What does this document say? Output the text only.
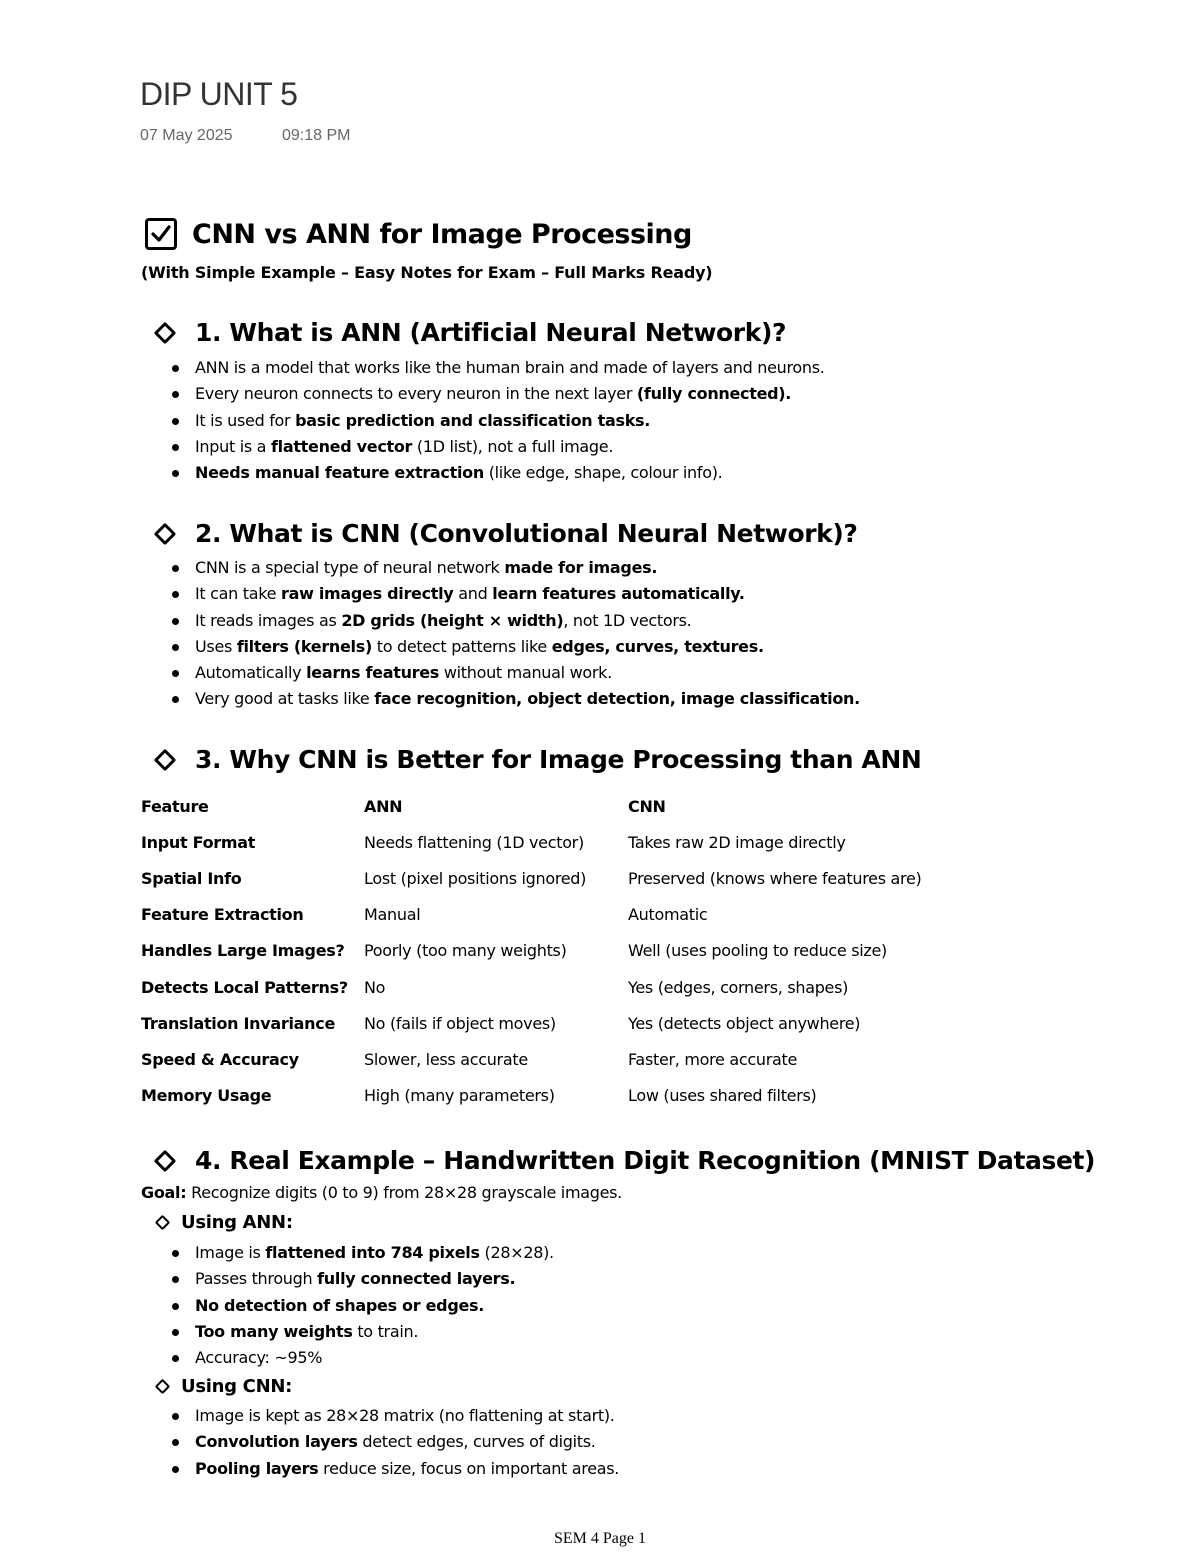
DIP UNIT 5
07 May 2025	09:18 PM
CNN vs ANN for Image Processing
(With Simple Example – Easy Notes for Exam – Full Marks Ready)
1. What is ANN (Artificial Neural Network)?
ANN is a model that works like the human brain and made of layers and neurons.
Every neuron connects to every neuron in the next layer (fully connected).
It is used for basic prediction and classification tasks.
Input is a flattened vector (1D list), not a full image.
Needs manual feature extraction (like edge, shape, colour info).
2. What is CNN (Convolutional Neural Network)?
CNN is a special type of neural network made for images.
It can take raw images directly and learn features automatically.
It reads images as 2D grids (height × width), not 1D vectors.
Uses filters (kernels) to detect patterns like edges, curves, textures.
Automatically learns features without manual work.
Very good at tasks like face recognition, object detection, image classification.
3. Why CNN is Better for Image Processing than ANN
Feature	ANN	CNN
Input Format	Needs flattening (1D vector)	Takes raw 2D image directly
Spatial Info	Lost (pixel positions ignored)	Preserved (knows where features are)
Feature Extraction	Manual	Automatic
Handles Large Images?	Poorly (too many weights)	Well (uses pooling to reduce size)
Detects Local Patterns?	No	Yes (edges, corners, shapes)
Translation Invariance	No (fails if object moves)	Yes (detects object anywhere)
Speed & Accuracy	Slower, less accurate	Faster, more accurate
Memory Usage	High (many parameters)	Low (uses shared filters)
4. Real Example – Handwritten Digit Recognition (MNIST Dataset)
Goal: Recognize digits (0 to 9) from 28×28 grayscale images.
Using ANN:
Image is flattened into 784 pixels (28×28).
Passes through fully connected layers.
No detection of shapes or edges.
Too many weights to train.
Accuracy: ~95%
Using CNN:
Image is kept as 28×28 matrix (no flattening at start).
Convolution layers detect edges, curves of digits.
Pooling layers reduce size, focus on important areas.
SEM 4 Page 1
